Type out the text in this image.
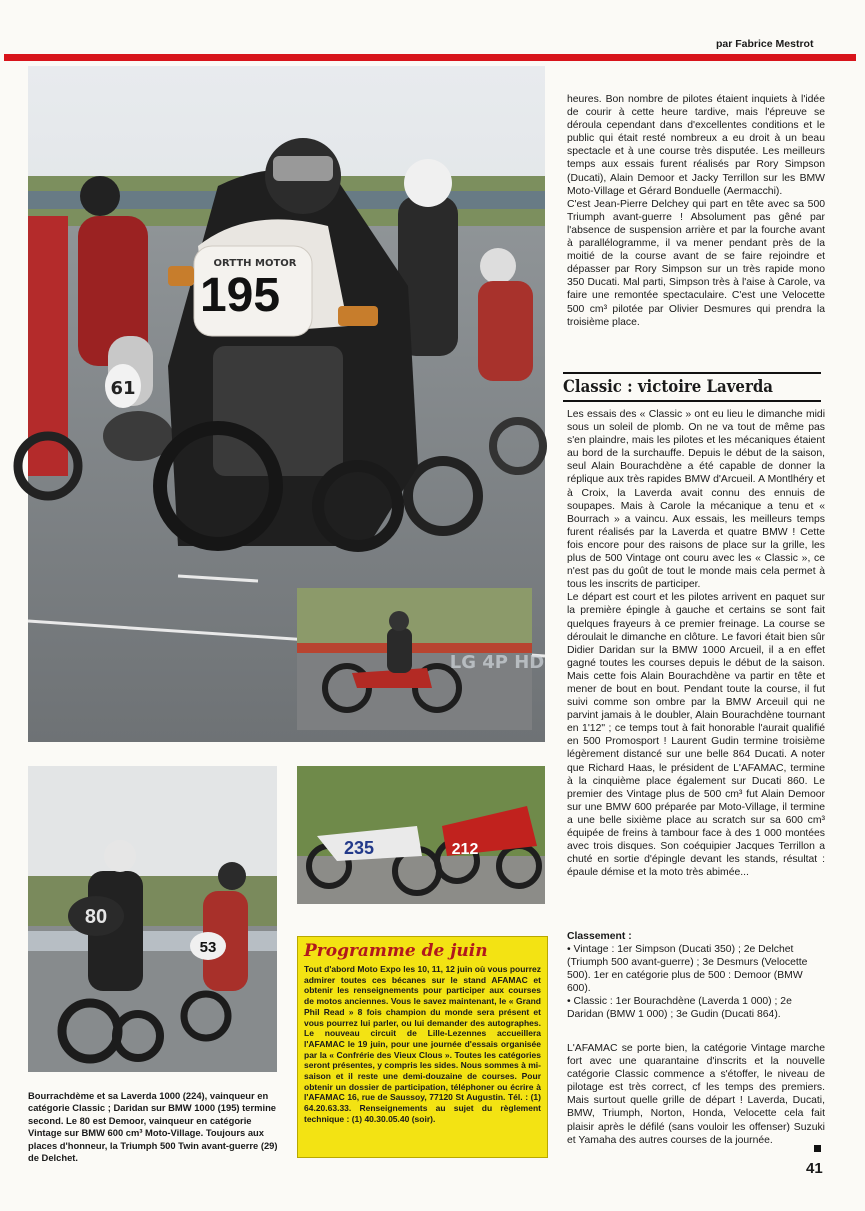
par Fabrice Mestrot
61
ORTTH MOTOR
195
LG 4P HD
80
53
235	212

heures. Bon nombre de pilotes étaient inquiets à l'idée de courir à cette heure tardive, mais l'épreuve se déroula cependant dans d'excellentes conditions et le public qui était resté nombreux a eu droit à un beau spectacle et à une course très disputée. Les meilleurs temps aux essais furent réalisés par Rory Simpson (Ducati), Alain Demoor et Jacky Terrillon sur les BMW Moto-Village et Gérard Bonduelle (Aermacchi).

C'est Jean-Pierre Delchey qui part en tête avec sa 500 Triumph avant-guerre ! Absolument pas gêné par l'absence de suspension arrière et par la fourche avant à parallélogramme, il va mener pendant près de la moitié de la course avant de se faire rejoindre et dépasser par Rory Simpson sur un très rapide mono 350 Ducati. Mal parti, Simpson très à l'aise à Carole, va faire une remontée spectaculaire. C'est une Velocette 500 cm³ pilotée par Olivier Desmures qui prendra la troisième place.

Classic : victoire Laverda

Les essais des « Classic » ont eu lieu le dimanche midi sous un soleil de plomb. On ne va tout de même pas s'en plaindre, mais les pilotes et les mécaniques étaient au bord de la surchauffe. Depuis le début de la saison, seul Alain Bourachdène a été capable de donner la réplique aux très rapides BMW d'Arcueil. A Montlhéry et à Croix, la Laverda avait connu des ennuis de soupapes. Mais à Carole la mécanique a tenu et « Bourrach » a vaincu. Aux essais, les meilleurs temps furent réalisés par la Laverda et quatre BMW ! Cette fois encore pour des raisons de place sur la grille, les plus de 500 Vintage ont couru avec les « Classic », ce n'est pas du goût de tout le monde mais cela permet à tous les inscrits de participer.

Le départ est court et les pilotes arrivent en paquet sur la première épingle à gauche et certains se sont fait quelques frayeurs à ce premier freinage. La course se déroulait le dimanche en clôture. Le favori était bien sûr Didier Daridan sur la BMW 1000 Arcueil, il a en effet gagné toutes les courses depuis le début de la saison. Mais cette fois Alain Bourachdène va partir en tête et mener de bout en bout. Pendant toute la course, il fut suivi comme son ombre par la BMW Arceuil qui ne parvint jamais à le doubler, Alain Bourachdène tournant en 1'12" ; ce temps tout à fait honorable l'aurait qualifié en 500 Promosport ! Laurent Gudin termine troisième légèrement distancé sur une belle 864 Ducati. A noter que Richard Haas, le président de L'AFAMAC, termine à la cinquième place également sur Ducati 860. Le premier des Vintage plus de 500 cm³ fut Alain Demoor sur une BMW 600 préparée par Moto-Village, il termine a une belle sixième place au scratch sur sa 600 cm³ équipée de freins à tambour face à des 1 000 montées avec trois disques. Son coéquipier Jacques Terrillon a chuté en sortie d'épingle devant les stands, résultat : épaule démise et la moto très abimée...

Classement :
• Vintage : 1er Simpson (Ducati 350) ; 2e Delchet (Triumph 500 avant-guerre) ; 3e Desmurs (Velocette 500). 1er en catégorie plus de 500 : Demoor (BMW 600).
• Classic : 1er Bourachdène (Laverda 1 000) ; 2e Daridan (BMW 1 000) ; 3e Gudin (Ducati 864).
L'AFAMAC se porte bien, la catégorie Vintage marche fort avec une quarantaine d'inscrits et la nouvelle catégorie Classic commence a s'étoffer, le niveau de pilotage est très correct, cf les temps des premiers. Mais surtout quelle grille de départ ! Laverda, Ducati, BMW, Triumph, Norton, Honda, Velocette cela fait plaisir après le défilé (sans vouloir les offenser) Suzuki et Yamaha des autres courses de la journée.
Bourrachdème et sa Laverda 1000 (224), vainqueur en catégorie Classic ; Daridan sur BMW 1000 (195) termine second. Le 80 est Demoor, vainqueur en catégorie Vintage sur BMW 600 cm³ Moto-Village. Toujours aux places d'honneur, la Triumph 500 Twin avant-guerre (29) de Delchet.
Programme de juin
Tout d'abord Moto Expo les 10, 11, 12 juin où vous pourrez admirer toutes ces bécanes sur le stand AFAMAC et obtenir les renseignements pour participer aux courses de motos anciennes. Vous le savez maintenant, le « Grand Phil Read » 8 fois champion du monde sera présent et vous pourrez lui parler, ou lui demander des autographes. Le nouveau circuit de Lille-Lezennes accueillera l'AFAMAC le 19 juin, pour une journée d'essais organisée par la « Confrérie des Vieux Clous ». Toutes les catégories seront présentes, y compris les sides. Nous sommes à mi-saison et il reste une demi-douzaine de courses. Pour obtenir un dossier de participation, téléphoner ou écrire à l'AFAMAC 16, rue de Saussoy, 77120 St Augustin. Tél. : (1) 64.20.63.33. Renseignements au sujet du règlement technique : (1) 40.30.05.40 (soir).
41
